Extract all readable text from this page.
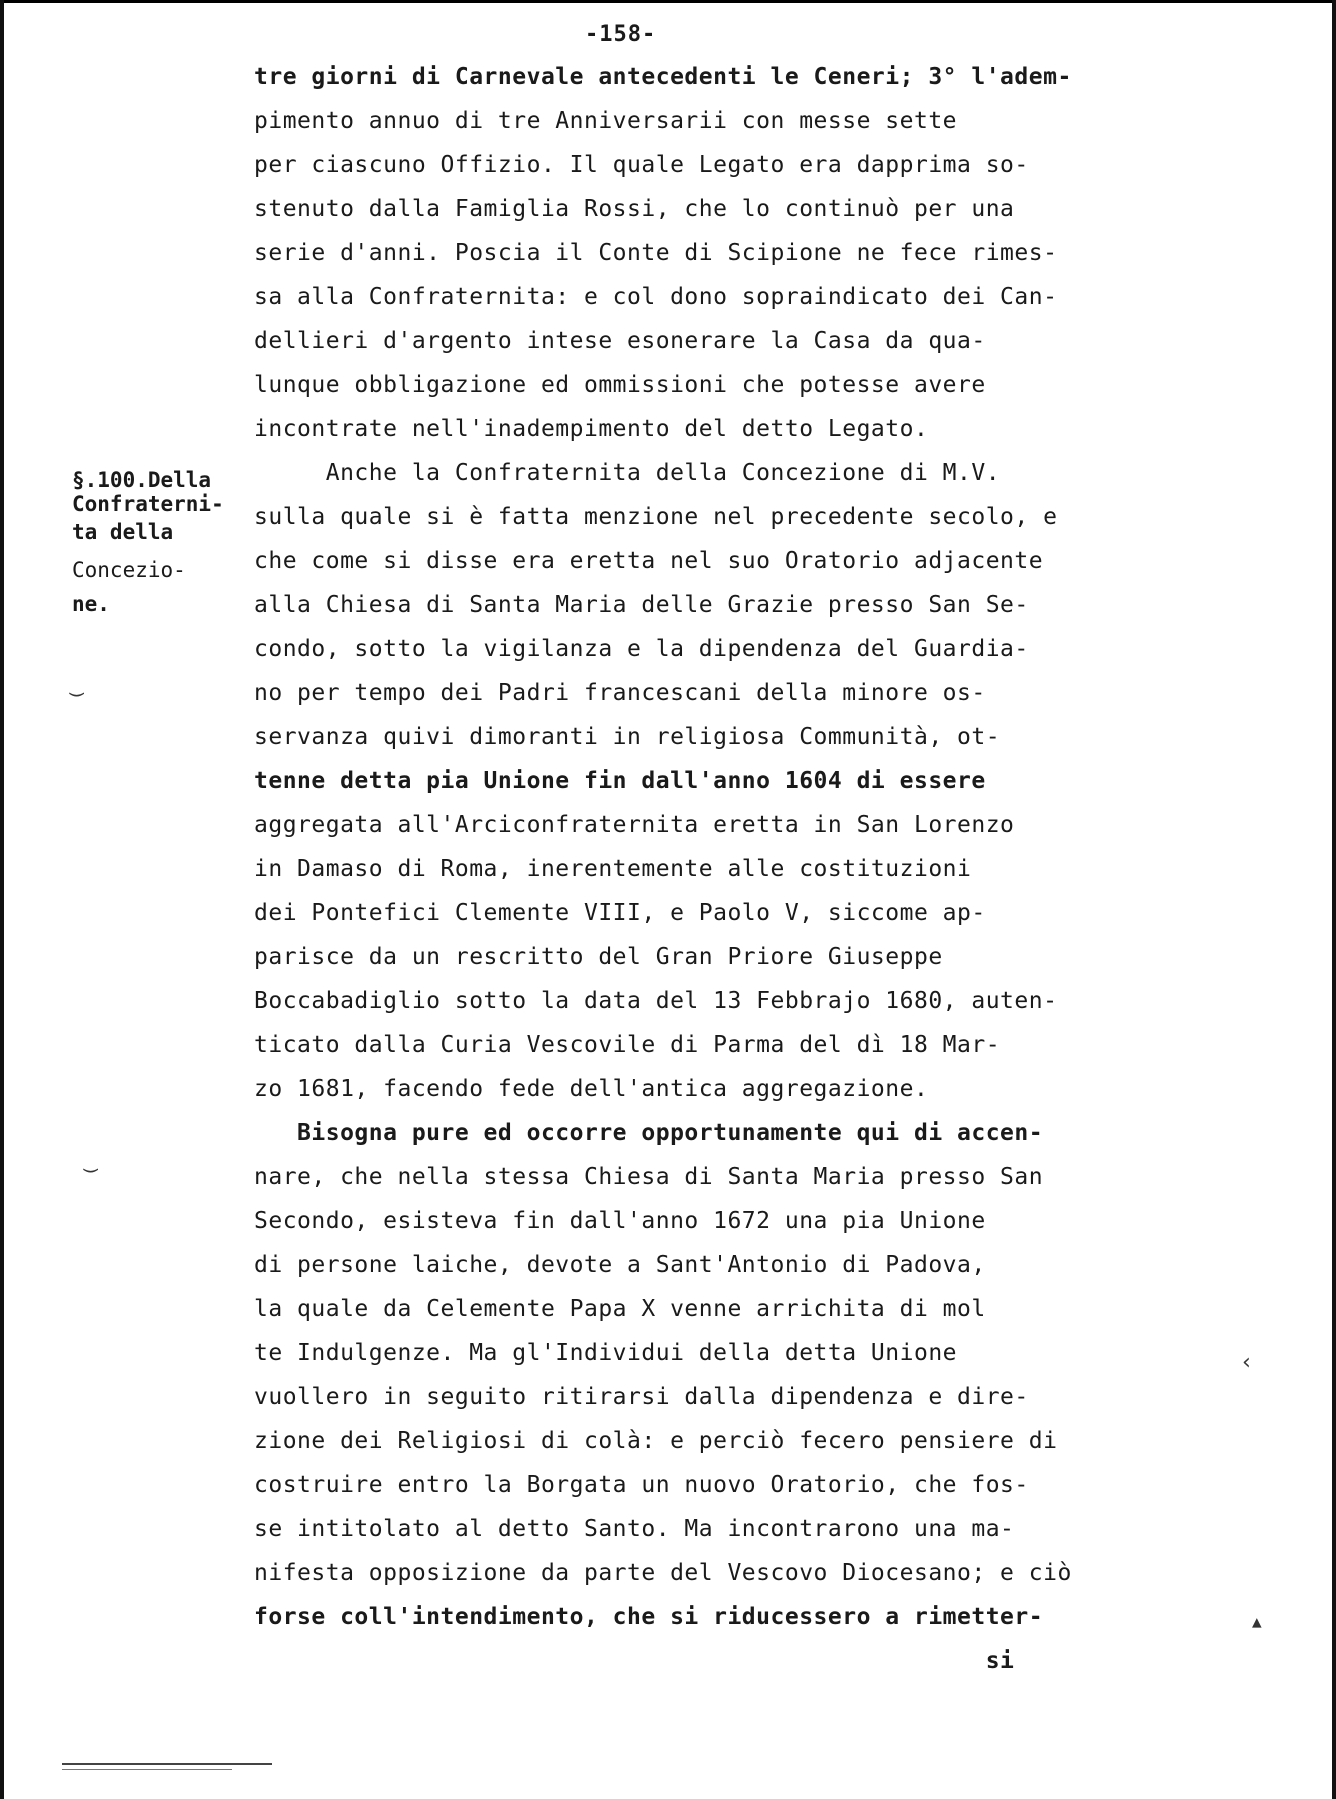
-158-
§.100.Della
Confraterni-
ta della
Concezio-
ne.
tre giorni di Carnevale antecedenti le Ceneri; 3° l'adem-
pimento annuo di tre Anniversarii con messe sette
per ciascuno Offizio. Il quale Legato era dapprima so-
stenuto dalla Famiglia Rossi, che lo continuò per una
serie d'anni. Poscia il Conte di Scipione ne fece rimes-
sa alla Confraternita: e col dono sopraindicato dei Can-
dellieri d'argento intese esonerare la Casa da qua-
lunque obbligazione ed ommissioni che potesse avere
incontrate nell'inadempimento del detto Legato.
Anche la Confraternita della Concezione di M.V.
sulla quale si è fatta menzione nel precedente secolo, e
che come si disse era eretta nel suo Oratorio adjacente
alla Chiesa di Santa Maria delle Grazie presso San Se-
condo, sotto la vigilanza e la dipendenza del Guardia-
no per tempo dei Padri francescani della minore os-
servanza quivi dimoranti in religiosa Communità, ot-
tenne detta pia Unione fin dall'anno 1604 di essere
aggregata all'Arciconfraternita eretta in San Lorenzo
in Damaso di Roma, inerentemente alle costituzioni
dei Pontefici Clemente VIII, e Paolo V, siccome ap-
parisce da un rescritto del Gran Priore Giuseppe
Boccabadiglio sotto la data del 13 Febbrajo 1680, auten-
ticato dalla Curia Vescovile di Parma del dì 18 Mar-
zo 1681, facendo fede dell'antica aggregazione.
Bisogna pure ed occorre opportunamente qui di accen-
nare, che nella stessa Chiesa di Santa Maria presso San
Secondo, esisteva fin dall'anno 1672 una pia Unione
di persone laiche, devote a Sant'Antonio di Padova,
la quale da Celemente Papa X venne arrichita di mol
te Indulgenze. Ma gl'Individui della detta Unione
vuollero in seguito ritirarsi dalla dipendenza e dire-
zione dei Religiosi di colà: e perciò fecero pensiere di
costruire entro la Borgata un nuovo Oratorio, che fos-
se intitolato al detto Santo. Ma incontrarono una ma-
nifesta opposizione da parte del Vescovo Diocesano; e ciò
forse coll'intendimento, che si riducessero a rimetter-
si
‿
‿
‹
▲
